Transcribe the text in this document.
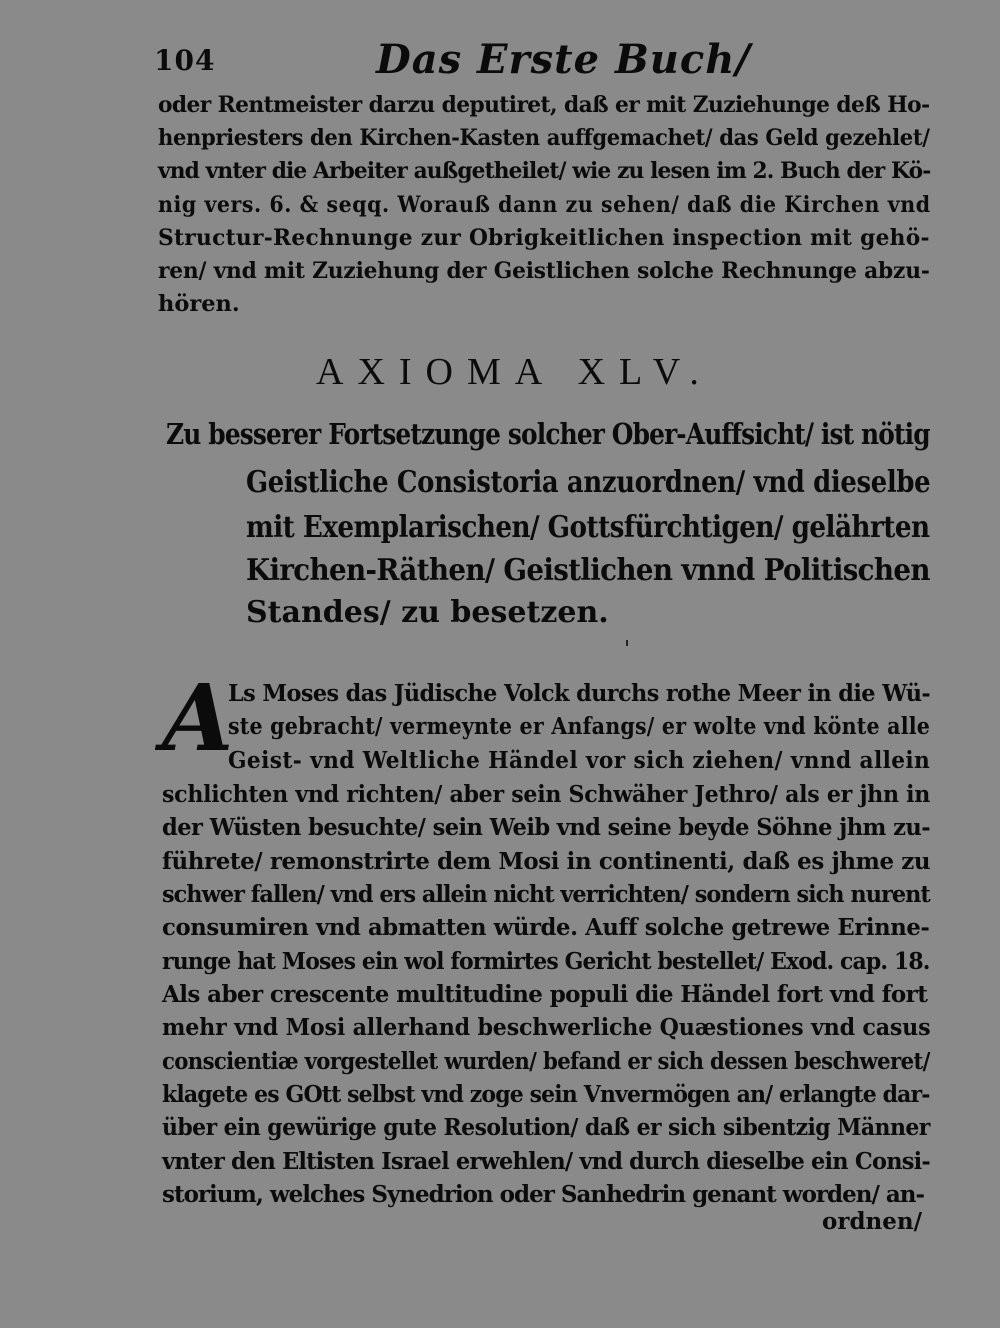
104	Das Erste Buch/
oder Rentmeister darzu deputiret, daß er mit Zuziehunge deß Ho-
henpriesters den Kirchen-Kasten auffgemachet/ das Geld gezehlet/
vnd vnter die Arbeiter außgetheilet/ wie zu lesen im 2. Buch der Kö-
nig vers. 6. & seqq. Worauß dann zu sehen/ daß die Kirchen vnd
Structur-Rechnunge zur Obrigkeitlichen inspection mit gehö-
ren/ vnd mit Zuziehung der Geistlichen solche Rechnunge abzu-
hören.
AXIOMA XLV.
Zu besserer Fortsetzunge solcher Ober-Auffsicht/ ist nötig
Geistliche Consistoria anzuordnen/ vnd dieselbe
mit Exemplarischen/ Gottsfürchtigen/ gelährten
Kirchen-Räthen/ Geistlichen vnnd Politischen
Standes/ zu besetzen.
A
Ls Moses das Jüdische Volck durchs rothe Meer in die Wü-
ste gebracht/ vermeynte er Anfangs/ er wolte vnd könte alle
Geist- vnd Weltliche Händel vor sich ziehen/ vnnd allein
schlichten vnd richten/ aber sein Schwäher Jethro/ als er jhn in
der Wüsten besuchte/ sein Weib vnd seine beyde Söhne jhm zu-
führete/ remonstrirte dem Mosi in continenti, daß es jhme zu
schwer fallen/ vnd ers allein nicht verrichten/ sondern sich nurent
consumiren vnd abmatten würde. Auff solche getrewe Erinne-
runge hat Moses ein wol formirtes Gericht bestellet/ Exod. cap. 18.
Als aber crescente multitudine populi die Händel fort vnd fort
mehr vnd Mosi allerhand beschwerliche Quæstiones vnd casus
conscientiæ vorgestellet wurden/ befand er sich dessen beschweret/
klagete es GOtt selbst vnd zoge sein Vnvermögen an/ erlangte dar-
über ein gewürige gute Resolution/ daß er sich sibentzig Männer
vnter den Eltisten Israel erwehlen/ vnd durch dieselbe ein Consi-
storium, welches Synedrion oder Sanhedrin genant worden/ an-
ordnen/
